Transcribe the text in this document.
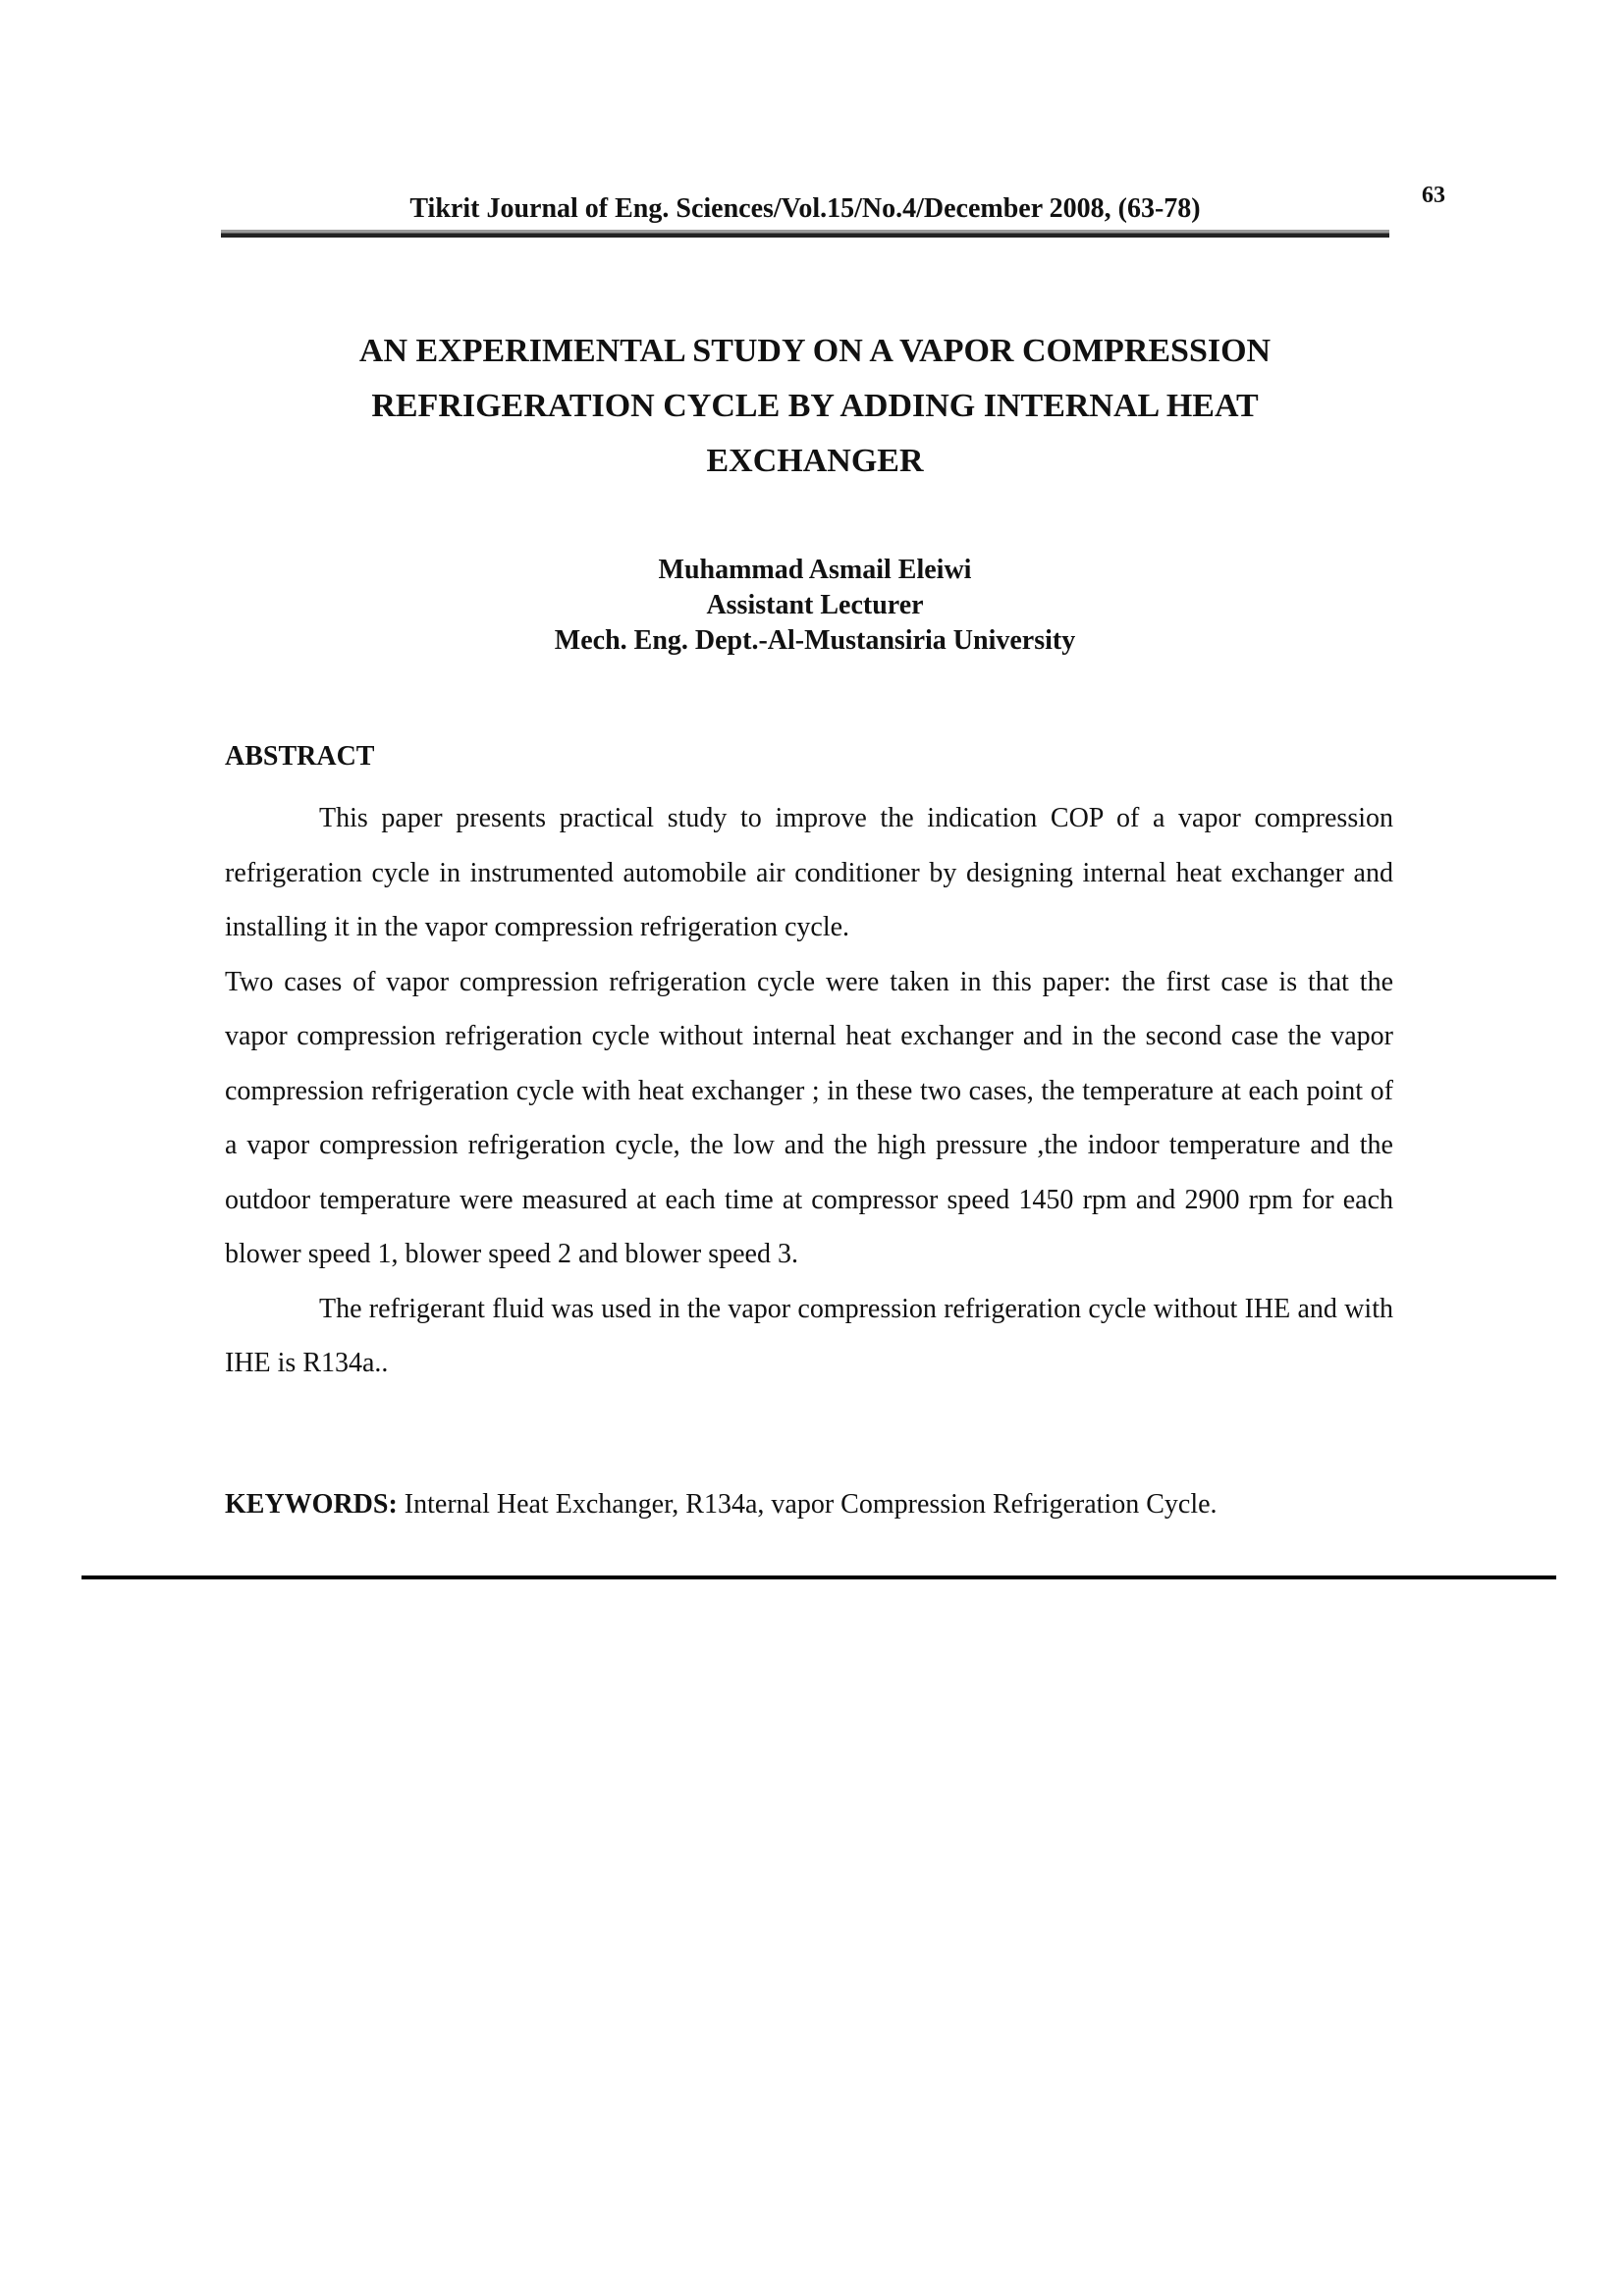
Tikrit Journal of Eng. Sciences/Vol.15/No.4/December 2008, (63-78)	63
AN EXPERIMENTAL STUDY ON A VAPOR COMPRESSION
REFRIGERATION CYCLE BY ADDING INTERNAL HEAT
EXCHANGER
Muhammad Asmail Eleiwi
Assistant Lecturer
Mech. Eng. Dept.-Al-Mustansiria University
ABSTRACT

This paper presents practical study to improve the indication COP of a vapor compression refrigeration cycle in instrumented automobile air conditioner by designing internal heat exchanger and installing it in the vapor compression refrigeration cycle.

Two cases of vapor compression refrigeration cycle were taken in this paper: the first case is that the vapor compression refrigeration cycle without internal heat exchanger and in the second case the vapor compression refrigeration cycle with heat exchanger ; in these two cases, the temperature at each point of a vapor compression refrigeration cycle, the low and the high pressure ,the indoor temperature and the outdoor temperature were measured at each time at compressor speed 1450 rpm and 2900 rpm for each blower speed 1, blower speed 2 and blower speed 3.

The refrigerant fluid was used in the vapor compression refrigeration cycle without IHE and with IHE is R134a..

KEYWORDS: Internal Heat Exchanger, R134a, vapor Compression Refrigeration Cycle.
